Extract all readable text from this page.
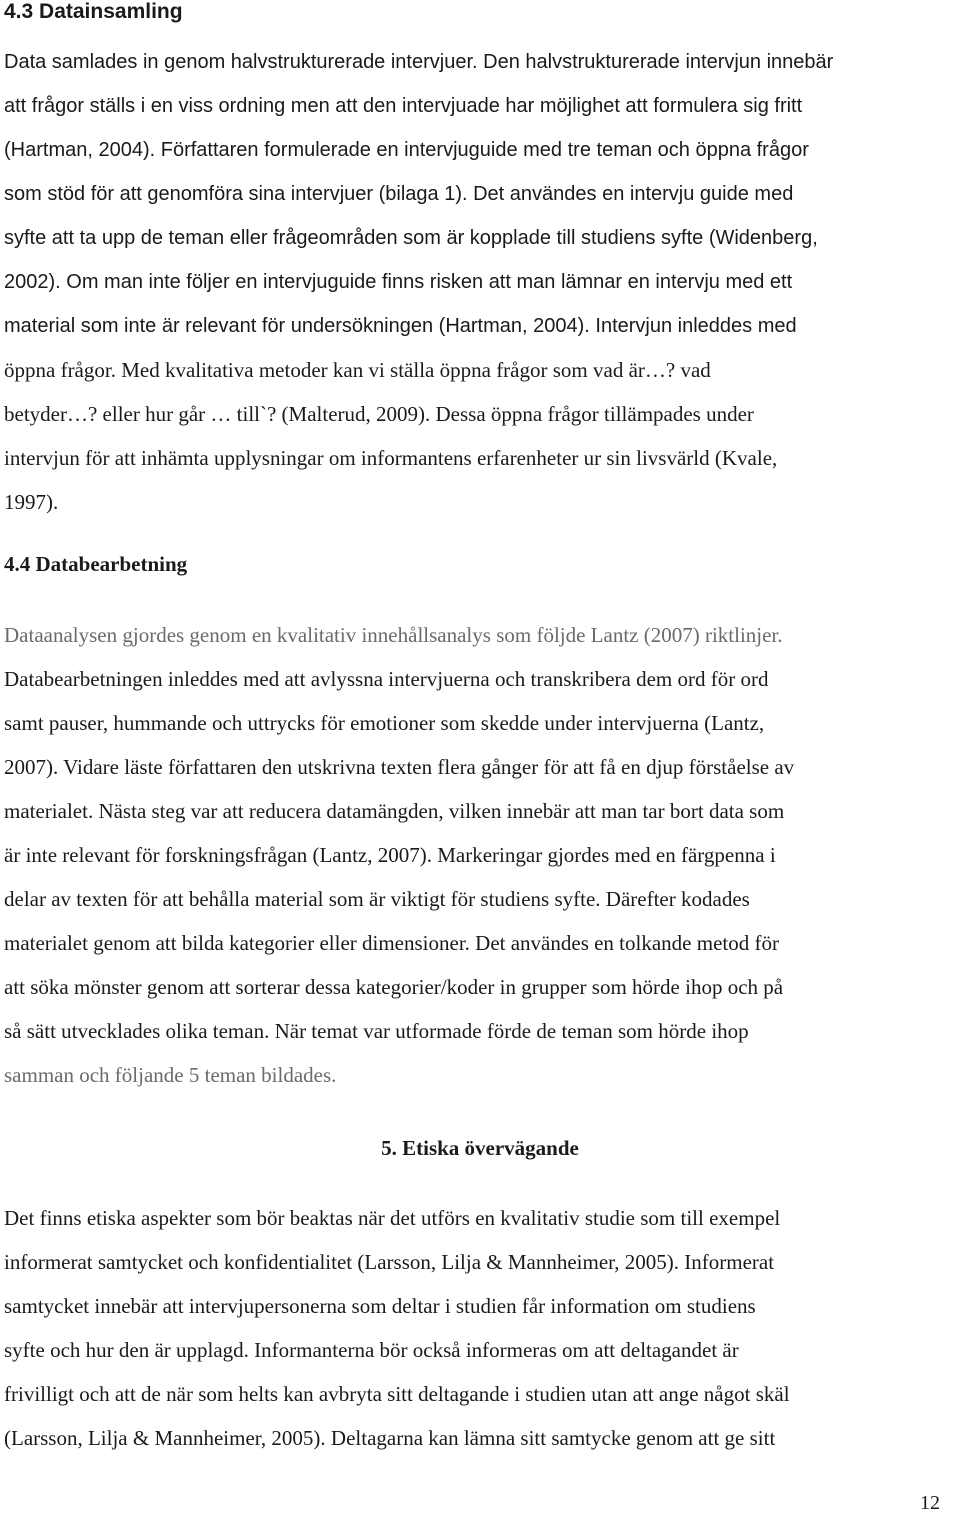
4.3 Datainsamling
Data samlades in genom halvstrukturerade intervjuer. Den halvstrukturerade intervjun innebär
att frågor ställs i en viss ordning men att den intervjuade har möjlighet att formulera sig fritt
(Hartman, 2004). Författaren formulerade en intervjuguide med tre teman och öppna frågor
som stöd för att genomföra sina intervjuer (bilaga 1). Det användes en intervju guide med
syfte att ta upp de teman eller frågeområden som är kopplade till studiens syfte (Widenberg,
2002). Om man inte följer en intervjuguide finns risken att man lämnar en intervju med ett
material som inte är relevant för undersökningen (Hartman, 2004). Intervjun inleddes med
öppna frågor. Med kvalitativa metoder kan vi ställa öppna frågor som vad är…? vad
betyder…? eller hur går … till`? (Malterud, 2009). Dessa öppna frågor tillämpades under
intervjun för att inhämta upplysningar om informantens erfarenheter ur sin livsvärld (Kvale,
1997).
4.4 Databearbetning
Dataanalysen gjordes genom en kvalitativ innehållsanalys som följde Lantz (2007) riktlinjer.
Databearbetningen inleddes med att avlyssna intervjuerna och transkribera dem ord för ord
samt pauser, hummande och uttrycks för emotioner som skedde under intervjuerna (Lantz,
2007). Vidare läste författaren den utskrivna texten flera gånger för att få en djup förståelse av
materialet. Nästa steg var att reducera datamängden, vilken innebär att man tar bort data som
är inte relevant för forskningsfrågan (Lantz, 2007). Markeringar gjordes med en färgpenna i
delar av texten för att behålla material som är viktigt för studiens syfte. Därefter kodades
materialet genom att bilda kategorier eller dimensioner. Det användes en tolkande metod för
att söka mönster genom att sorterar dessa kategorier/koder in grupper som hörde ihop och på
så sätt utvecklades olika teman. När temat var utformade förde de teman som hörde ihop
samman och följande 5 teman bildades.
5. Etiska övervägande
Det finns etiska aspekter som bör beaktas när det utförs en kvalitativ studie som till exempel
informerat samtycket och konfidentialitet (Larsson, Lilja & Mannheimer, 2005). Informerat
samtycket innebär att intervjupersonerna som deltar i studien får information om studiens
syfte och hur den är upplagd. Informanterna bör också informeras om att deltagandet är
frivilligt och att de när som helts kan avbryta sitt deltagande i studien utan att ange något skäl
(Larsson, Lilja & Mannheimer, 2005). Deltagarna kan lämna sitt samtycke genom att ge sitt
12
